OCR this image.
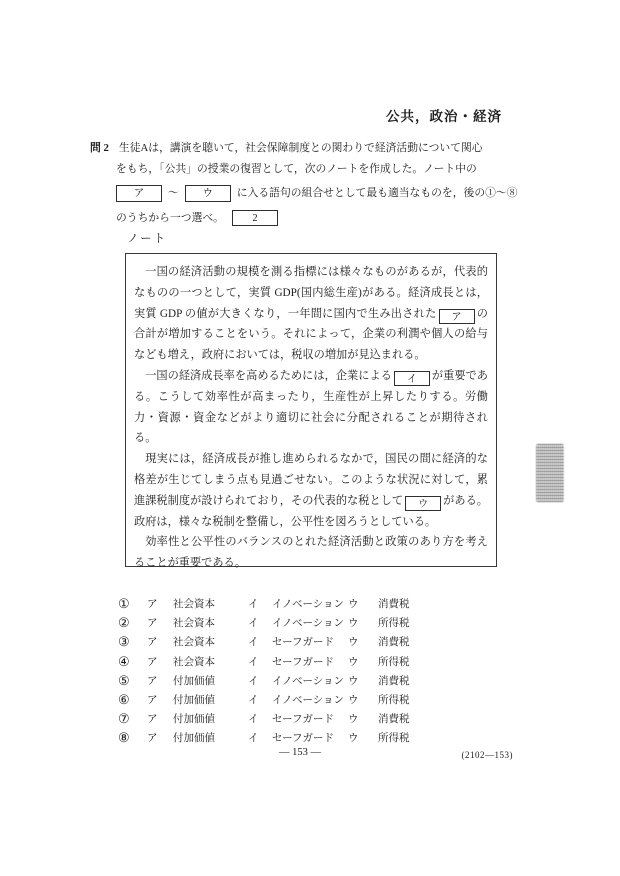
公共，政治・経済
問 2 生徒Aは，講演を聴いて，社会保障制度との関わりで経済活動について関心
をもち，「公共」の授業の復習として，次のノートを作成した。ノート中の
ア	～	ウ	に入る語句の組合せとして最も適当なものを，後の①～⑧
のうちから一つ選べ。	2
ノート

一国の経済活動の規模を測る指標には様々なものがあるが，代表的なものの一つとして，実質 GDP(国内総生産)がある。経済成長とは，実質 GDP の値が大きくなり，一年間に国内で生み出された ア の合計が増加することをいう。それによって，企業の利潤や個人の給与なども増え，政府においては，税収の増加が見込まれる。

一国の経済成長率を高めるためには，企業による イ が重要である。こうして効率性が高まったり，生産性が上昇したりする。労働力・資源・資金などがより適切に社会に分配されることが期待される。

現実には，経済成長が推し進められるなかで，国民の間に経済的な格差が生じてしまう点も見過ごせない。このような状況に対して，累進課税制度が設けられており，その代表的な税として ウ がある。政府は，様々な税制を整備し，公平性を図ろうとしている。

効率性と公平性のバランスのとれた経済活動と政策のあり方を考えることが重要である。

①	ア	社会資本	イ	イノベーション ウ	消費税
②	ア	社会資本	イ	イノベーション ウ	所得税
③	ア	社会資本	イ	セーフガード	ウ	消費税
④	ア	社会資本	イ	セーフガード	ウ	所得税
⑤	ア	付加価値	イ	イノベーション ウ	消費税
⑥	ア	付加価値	イ	イノベーション ウ	所得税
⑦	ア	付加価値	イ	セーフガード	ウ	消費税
⑧	ア	付加価値	イ	セーフガード	ウ	所得税
— 153 —	(2102—153)
